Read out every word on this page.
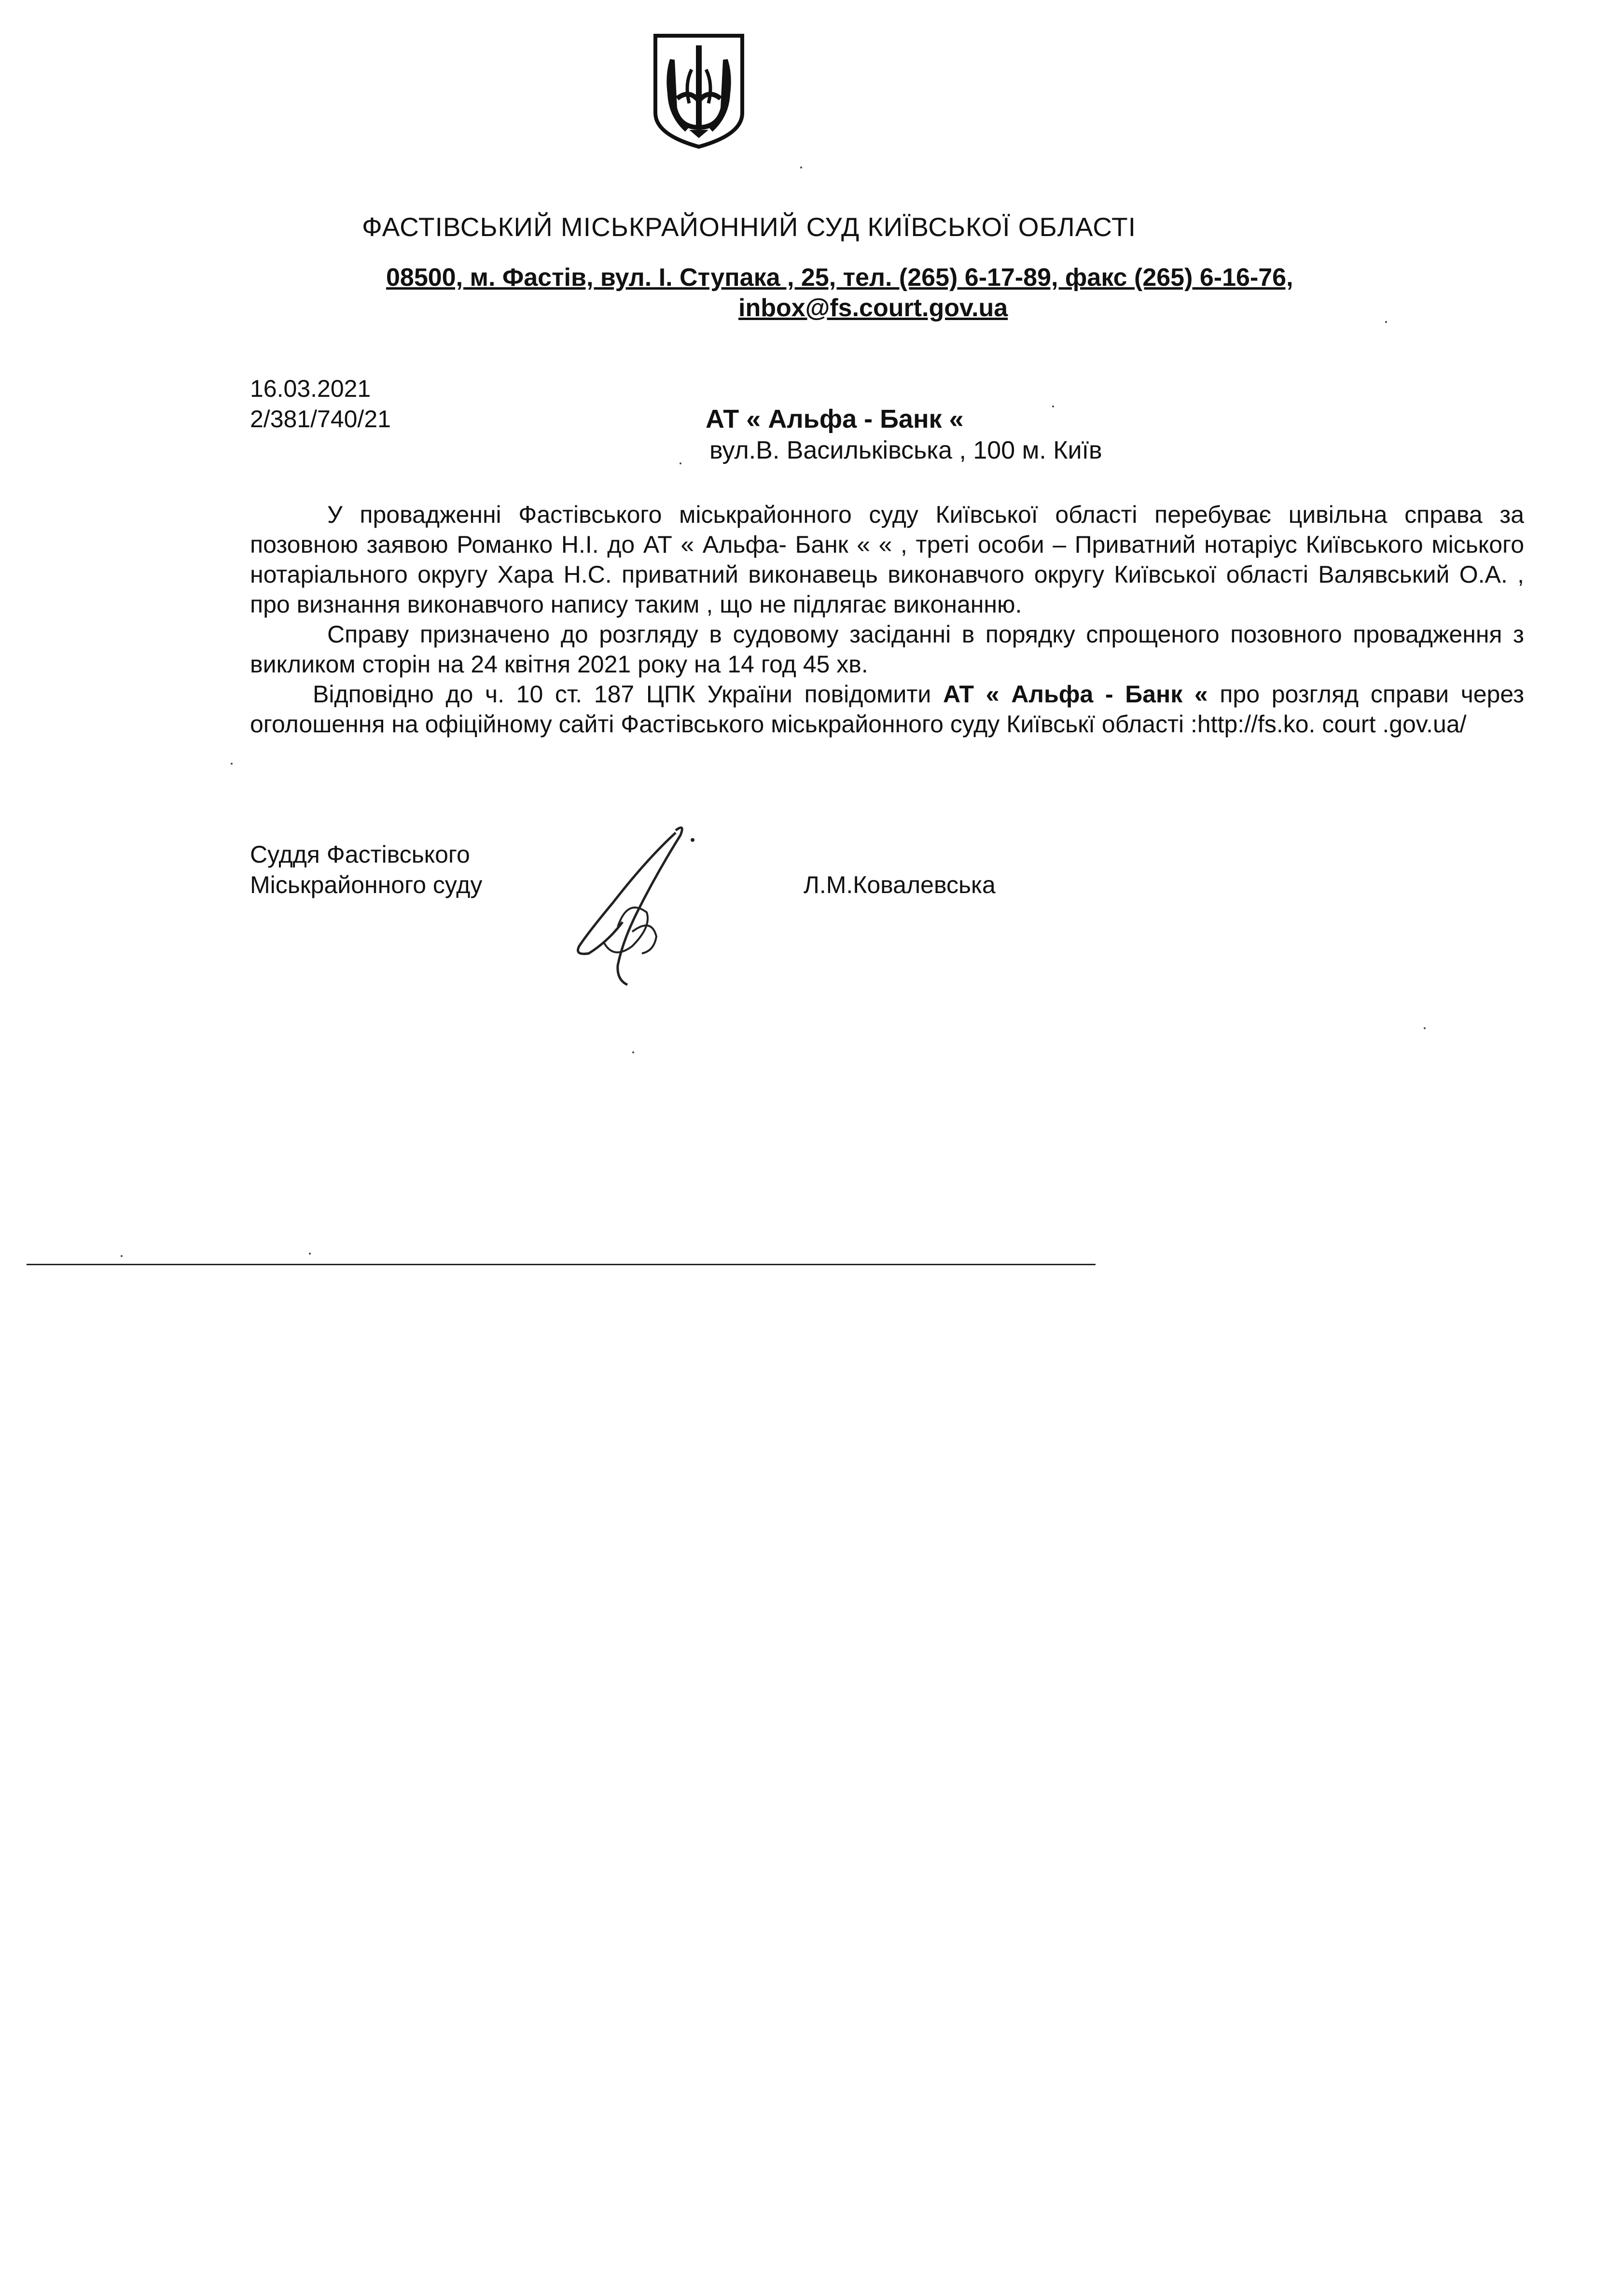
ФАСТІВСЬКИЙ МІСЬКРАЙОННИЙ СУД КИЇВСЬКОЇ ОБЛАСТІ
08500, м. Фастів, вул. І. Ступака , 25, тел. (265) 6-17-89, факс (265) 6-16-76,
inbox@fs.court.gov.ua
16.03.2021
2/381/740/21	АТ « Альфа - Банк «
вул.В. Васильківська , 100 м. Київ

У провадженні Фастівського міськрайонного суду Київської області перебуває цивільна справа за позовною заявою Романко Н.І. до АТ « Альфа- Банк « « , треті особи – Приватний нотаріус Київського міського нотаріального округу Хара Н.С. приватний виконавець виконавчого округу Київської області Валявський О.А. , про визнання виконавчого напису таким , що не підлягає виконанню.

Справу призначено до розгляду в судовому засіданні в порядку спрощеного позовного провадження з викликом сторін на 24 квітня 2021 року на 14 год 45 хв.

Відповідно до ч. 10 ст. 187 ЦПК України повідомити АТ « Альфа - Банк « про розгляд справи через оголошення на офіційному сайті Фастівського міськрайонного суду Київськї області :http://fs.ko. court .gov.ua/

Суддя Фастівського
Міськрайонного суду	Л.М.Ковалевська
